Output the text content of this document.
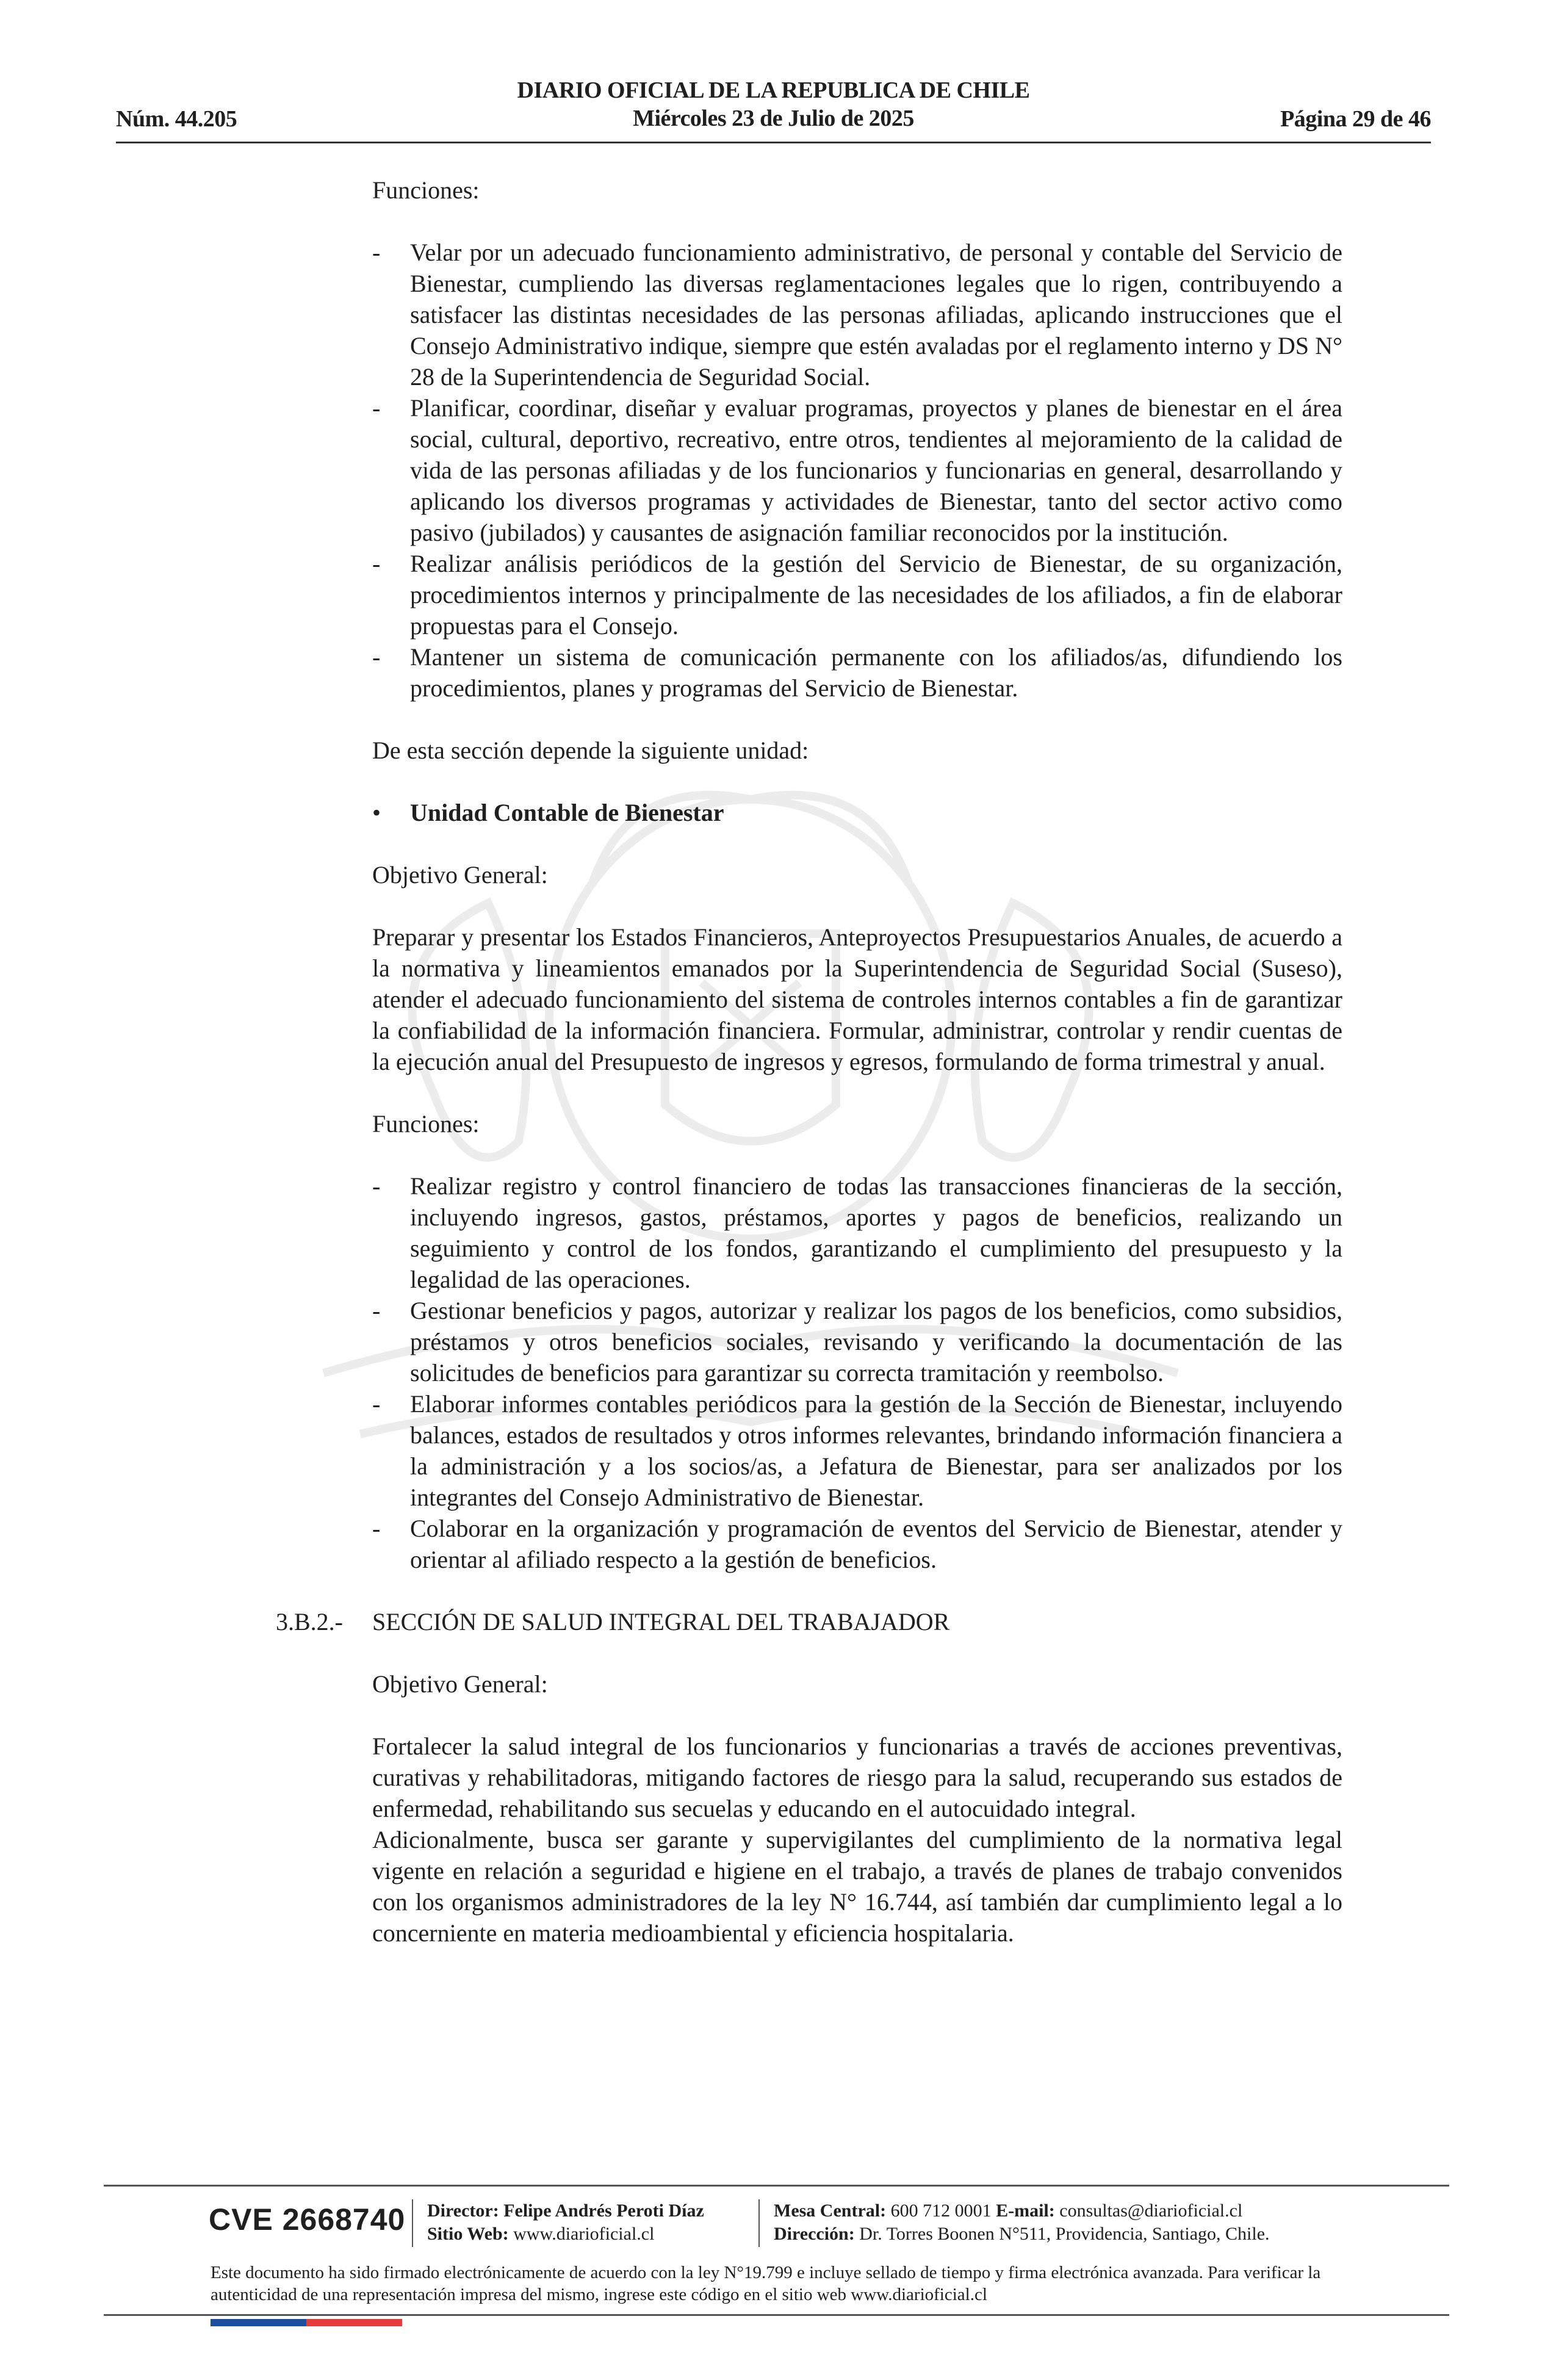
Núm. 44.205
DIARIO OFICIAL DE LA REPUBLICA DE CHILE
Miércoles 23 de Julio de 2025	Página 29 de 46

Funciones:

- Velar por un adecuado funcionamiento administrativo, de personal y contable del Servicio de Bienestar, cumpliendo las diversas reglamentaciones legales que lo rigen, contribuyendo a satisfacer las distintas necesidades de las personas afiliadas, aplicando instrucciones que el Consejo Administrativo indique, siempre que estén avaladas por el reglamento interno y DS N° 28 de la Superintendencia de Seguridad Social.

- Planificar, coordinar, diseñar y evaluar programas, proyectos y planes de bienestar en el área social, cultural, deportivo, recreativo, entre otros, tendientes al mejoramiento de la calidad de vida de las personas afiliadas y de los funcionarios y funcionarias en general, desarrollando y aplicando los diversos programas y actividades de Bienestar, tanto del sector activo como pasivo (jubilados) y causantes de asignación familiar reconocidos por la institución.

- Realizar análisis periódicos de la gestión del Servicio de Bienestar, de su organización, procedimientos internos y principalmente de las necesidades de los afiliados, a fin de elaborar propuestas para el Consejo.

- Mantener un sistema de comunicación permanente con los afiliados/as, difundiendo los procedimientos, planes y programas del Servicio de Bienestar.

De esta sección depende la siguiente unidad:

• Unidad Contable de Bienestar

Objetivo General:

Preparar y presentar los Estados Financieros, Anteproyectos Presupuestarios Anuales, de acuerdo a la normativa y lineamientos emanados por la Superintendencia de Seguridad Social (Suseso), atender el adecuado funcionamiento del sistema de controles internos contables a fin de garantizar la confiabilidad de la información financiera. Formular, administrar, controlar y rendir cuentas de la ejecución anual del Presupuesto de ingresos y egresos, formulando de forma trimestral y anual.

Funciones:

- Realizar registro y control financiero de todas las transacciones financieras de la sección, incluyendo ingresos, gastos, préstamos, aportes y pagos de beneficios, realizando un seguimiento y control de los fondos, garantizando el cumplimiento del presupuesto y la legalidad de las operaciones.

- Gestionar beneficios y pagos, autorizar y realizar los pagos de los beneficios, como subsidios, préstamos y otros beneficios sociales, revisando y verificando la documentación de las solicitudes de beneficios para garantizar su correcta tramitación y reembolso.

- Elaborar informes contables periódicos para la gestión de la Sección de Bienestar, incluyendo balances, estados de resultados y otros informes relevantes, brindando información financiera a la administración y a los socios/as, a Jefatura de Bienestar, para ser analizados por los integrantes del Consejo Administrativo de Bienestar.

- Colaborar en la organización y programación de eventos del Servicio de Bienestar, atender y orientar al afiliado respecto a la gestión de beneficios.

3.B.2.- SECCIÓN DE SALUD INTEGRAL DEL TRABAJADOR

Objetivo General:

Fortalecer la salud integral de los funcionarios y funcionarias a través de acciones preventivas, curativas y rehabilitadoras, mitigando factores de riesgo para la salud, recuperando sus estados de enfermedad, rehabilitando sus secuelas y educando en el autocuidado integral.

Adicionalmente, busca ser garante y supervigilantes del cumplimiento de la normativa legal vigente en relación a seguridad e higiene en el trabajo, a través de planes de trabajo convenidos con los organismos administradores de la ley N° 16.744, así también dar cumplimiento legal a lo concerniente en materia medioambiental y eficiencia hospitalaria.

CVE 2668740 Director: Felipe Andrés Peroti Díaz
Sitio Web: www.diarioficial.cl
Mesa Central: 600 712 0001 E-mail: consultas@diarioficial.cl
Dirección: Dr. Torres Boonen N°511, Providencia, Santiago, Chile.
Este documento ha sido firmado electrónicamente de acuerdo con la ley N°19.799 e incluye sellado de tiempo y firma electrónica avanzada. Para verificar la autenticidad de una representación impresa del mismo, ingrese este código en el sitio web www.diarioficial.cl
